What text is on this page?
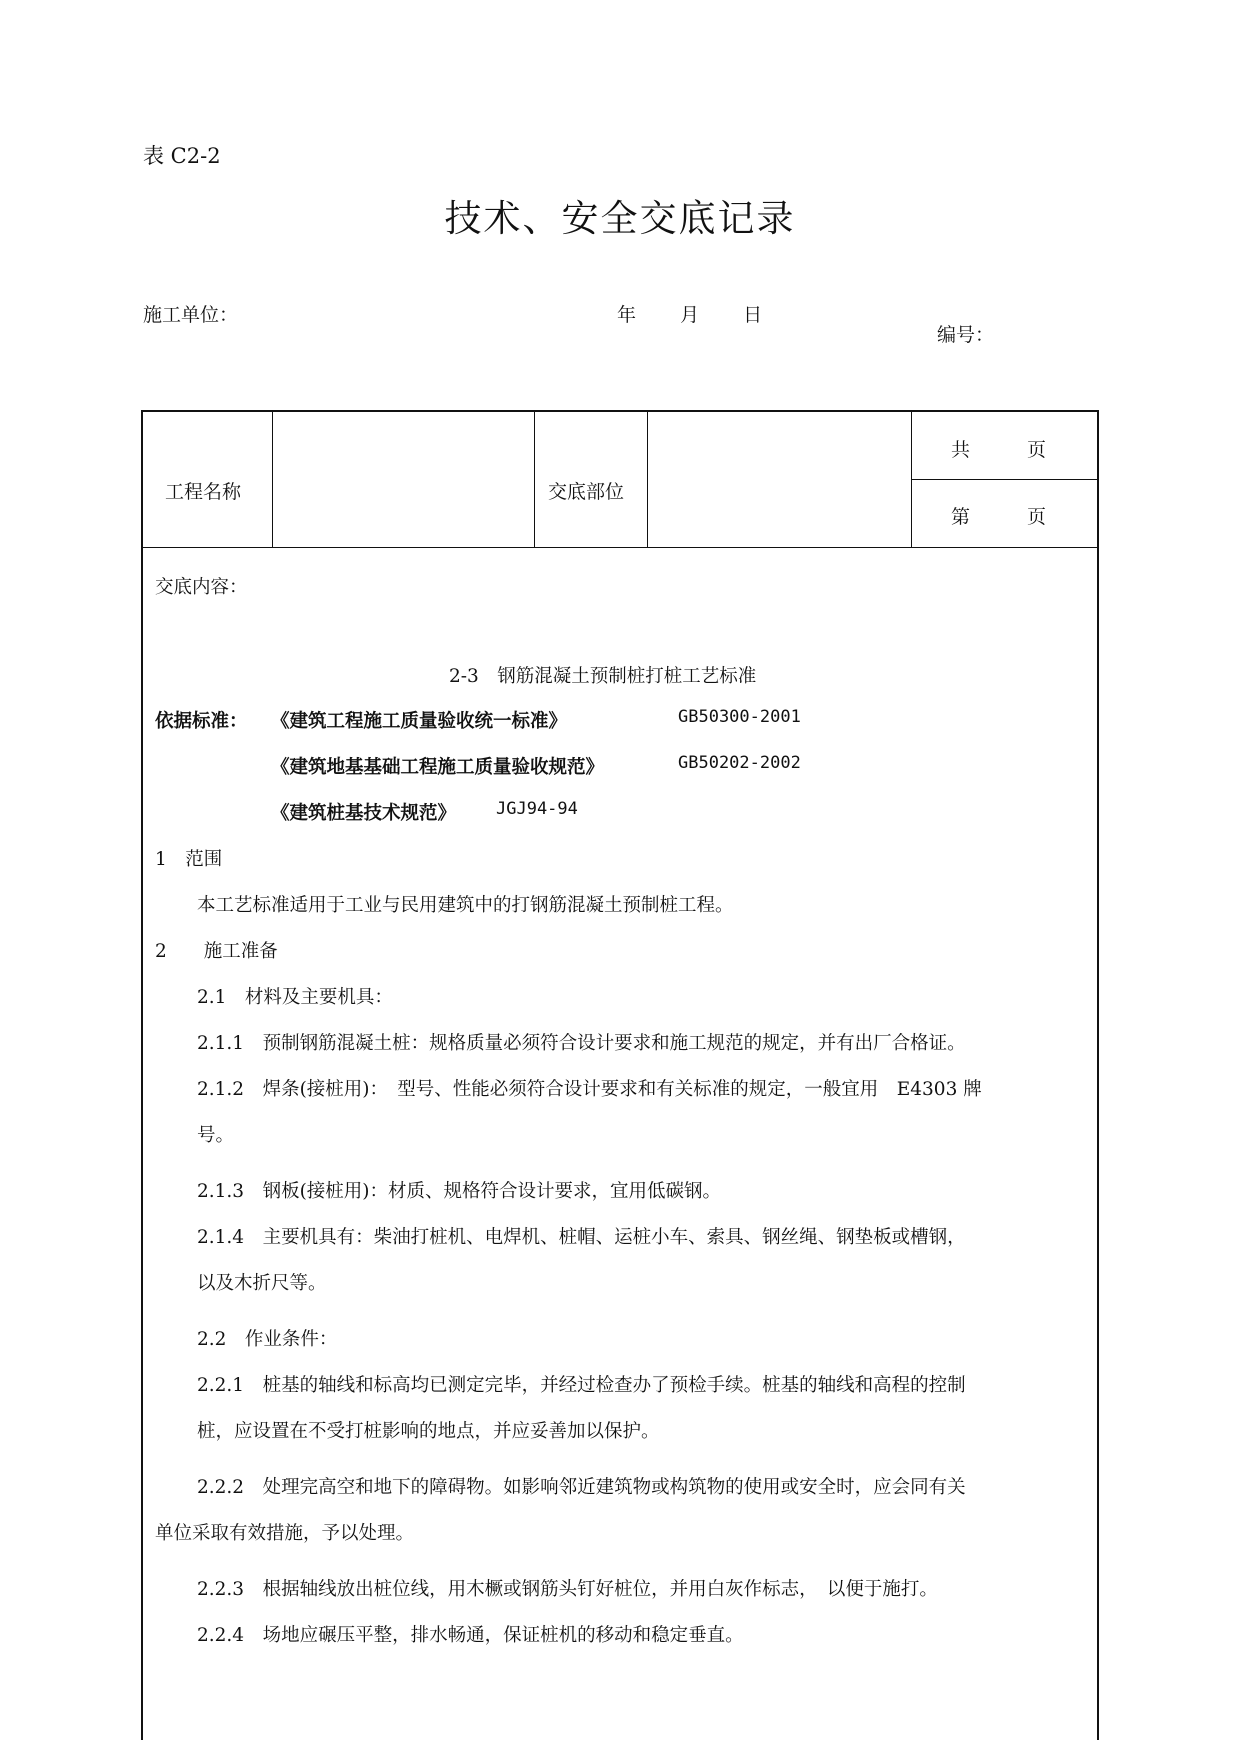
表 C2-2
技术、安全交底记录
施工单位：	年 月 日
编号：
工程名称	交底部位
共　　　页
第　　　页
交底内容：
2-3　钢筋混凝土预制桩打桩工艺标准
依据标准： 《建筑工程施工质量验收统一标准》	GB50300-2001
《建筑地基基础工程施工质量验收规范》	GB50202-2002
《建筑桩基技术规范》 JGJ94-94
1　范围
本工艺标准适用于工业与民用建筑中的打钢筋混凝土预制桩工程。
2　　施工准备
2.1　材料及主要机具：
2.1.1　预制钢筋混凝土桩：规格质量必须符合设计要求和施工规范的规定，并有出厂合格证。
2.1.2　焊条(接桩用)：　型号、性能必须符合设计要求和有关标准的规定，一般宜用　E4303 牌
号。
2.1.3　钢板(接桩用)：材质、规格符合设计要求，宜用低碳钢。
2.1.4　主要机具有：柴油打桩机、电焊机、桩帽、运桩小车、索具、钢丝绳、钢垫板或槽钢，
以及木折尺等。
2.2　作业条件：
2.2.1　桩基的轴线和标高均已测定完毕，并经过检查办了预检手续。桩基的轴线和高程的控制
桩，应设置在不受打桩影响的地点，并应妥善加以保护。
2.2.2　处理完高空和地下的障碍物。如影响邻近建筑物或构筑物的使用或安全时，应会同有关
单位采取有效措施，予以处理。
2.2.3　根据轴线放出桩位线，用木橛或钢筋头钉好桩位，并用白灰作标志，　以便于施打。
2.2.4　场地应碾压平整，排水畅通，保证桩机的移动和稳定垂直。
